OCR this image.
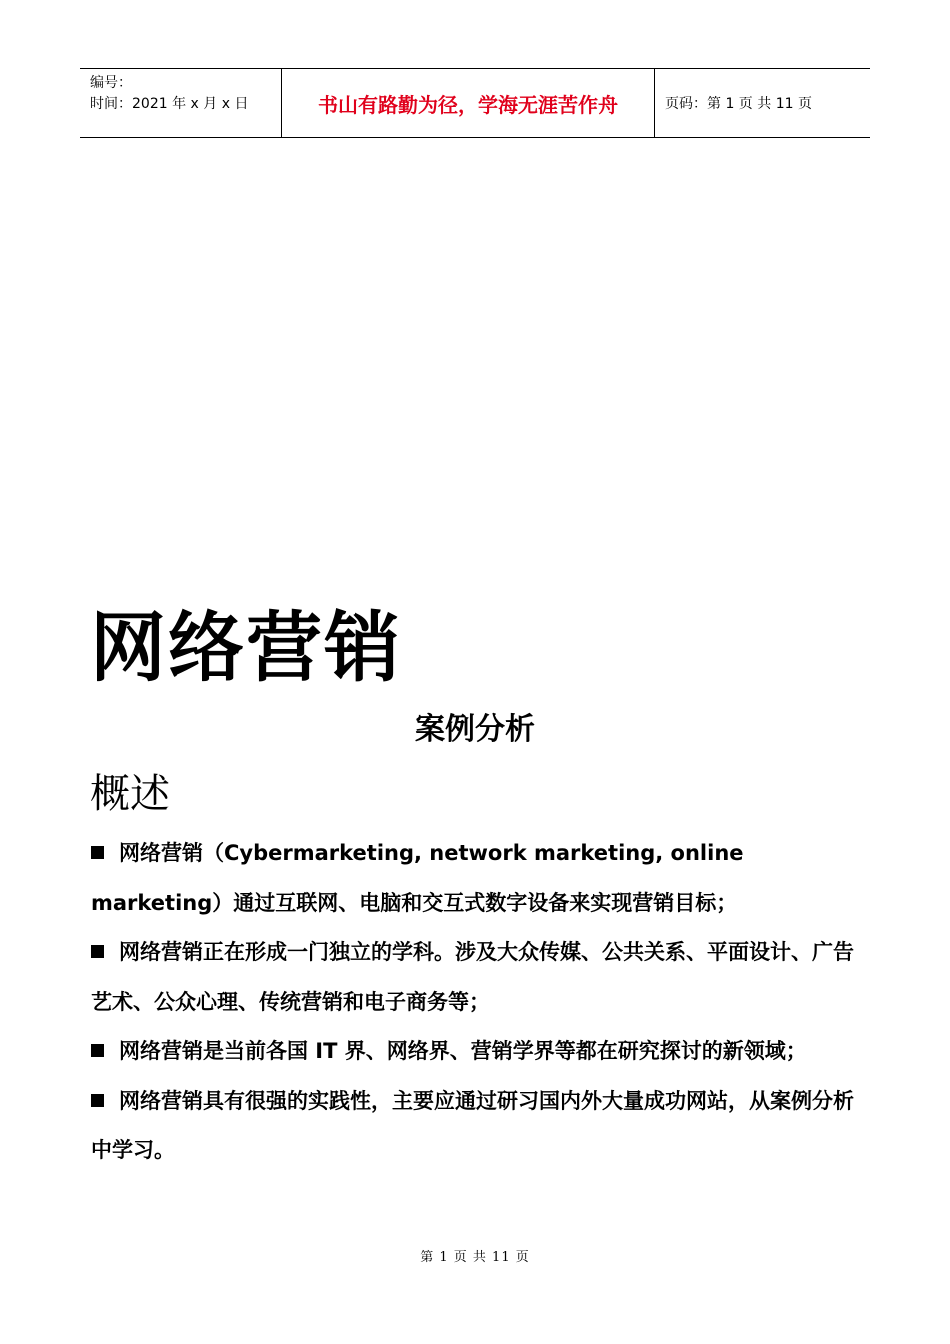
编号：
时间：2021 年 x 月 x 日	书山有路勤为径，学海无涯苦作舟	页码：第 1 页 共 11 页
网络营销
案例分析
概述

网络营销（Cybermarketing, network marketing, online marketing）通过互联网、电脑和交互式数字设备来实现营销目标；

网络营销正在形成一门独立的学科。涉及大众传媒、公共关系、平面设计、广告艺术、公众心理、传统营销和电子商务等；

网络营销是当前各国 IT 界、网络界、营销学界等都在研究探讨的新领域；

网络营销具有很强的实践性，主要应通过研习国内外大量成功网站，从案例分析中学习。

第 1 页 共 11 页
